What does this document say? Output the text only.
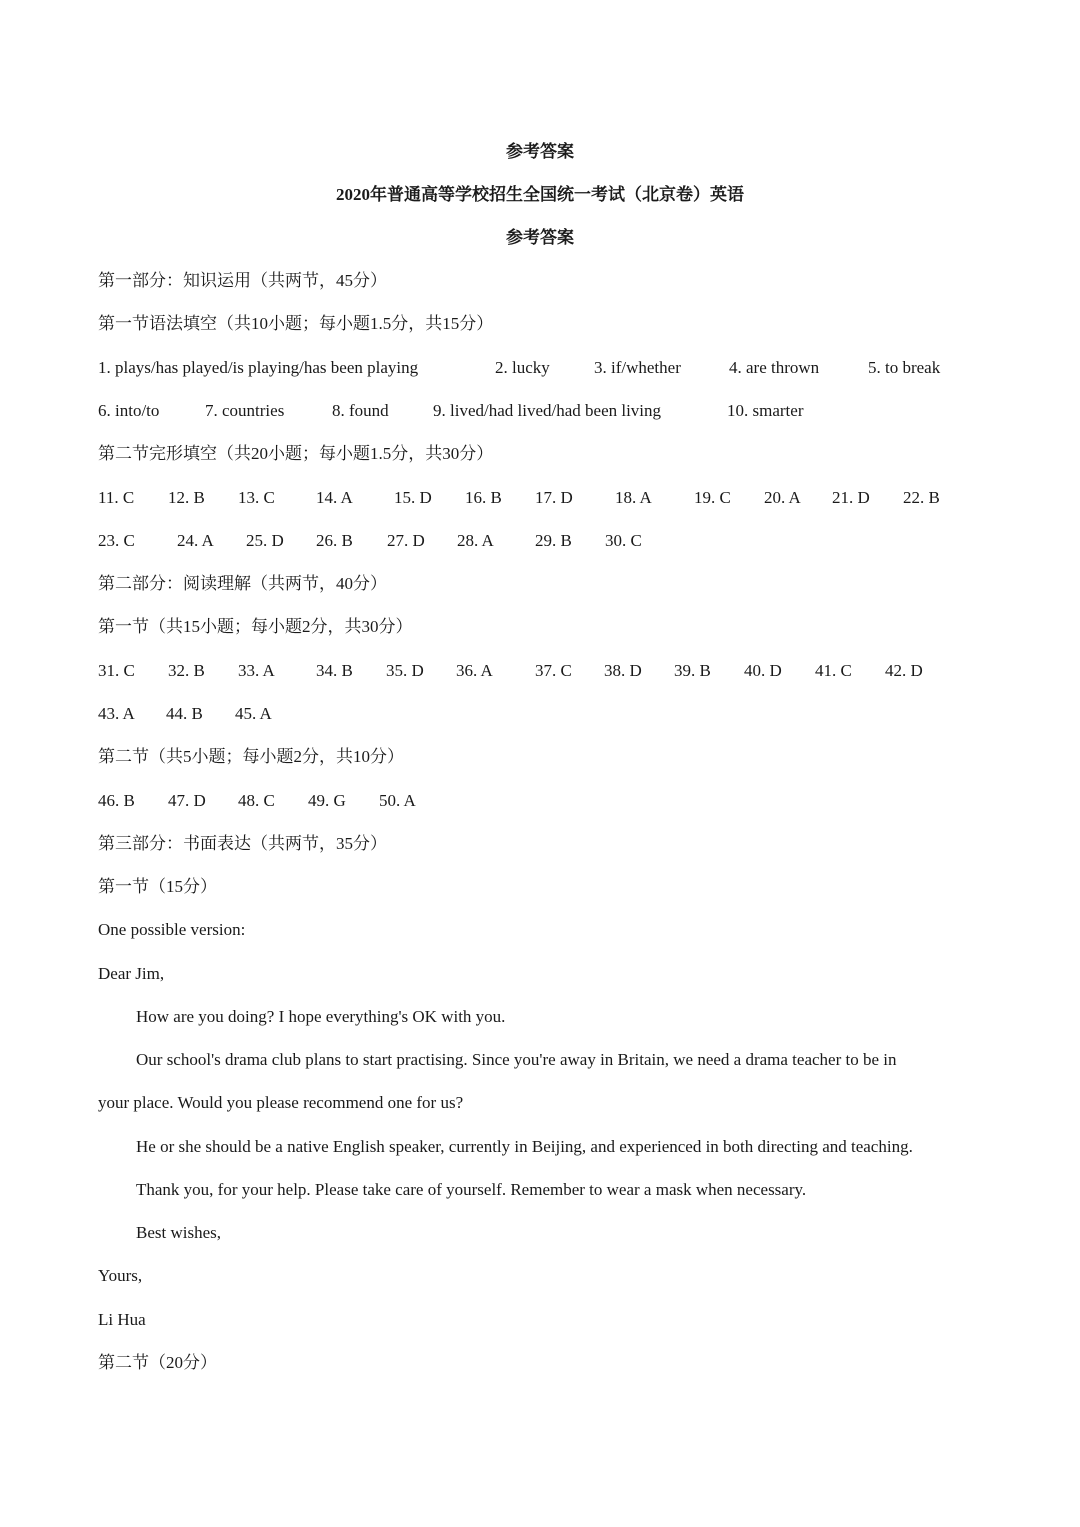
参考答案
2020年普通高等学校招生全国统一考试（北京卷）英语
参考答案
第一部分：知识运用（共两节，45分）
第一节语法填空（共10小题；每小题1.5分，共15分）
1. plays/has played/is playing/has been playing	2. lucky	3. if/whether	4. are thrown	5. to break
6. into/to	7. countries	8. found	9. lived/had lived/had been living	10. smarter
第二节完形填空（共20小题；每小题1.5分，共30分）
11. C 12. B 13. C 14. A 15. D 16. B 17. D 18. A 19. C 20. A 21. D 22. B
23. C 24. A 25. D 26. B 27. D 28. A 29. B 30. C
第二部分：阅读理解（共两节，40分）
第一节（共15小题；每小题2分，共30分）
31. C 32. B 33. A 34. B 35. D 36. A 37. C 38. D 39. B 40. D 41. C 42. D
43. A 44. B 45. A
第二节（共5小题；每小题2分，共10分）
46. B 47. D 48. C 49. G 50. A
第三部分：书面表达（共两节，35分）
第一节（15分）
One possible version:
Dear Jim,
How are you doing? I hope everything's OK with you.
Our school's drama club plans to start practising. Since you're away in Britain, we need a drama teacher to be in
your place. Would you please recommend one for us?
He or she should be a native English speaker, currently in Beijing, and experienced in both directing and teaching.
Thank you, for your help. Please take care of yourself. Remember to wear a mask when necessary.
Best wishes,
Yours,
Li Hua
第二节（20分）
